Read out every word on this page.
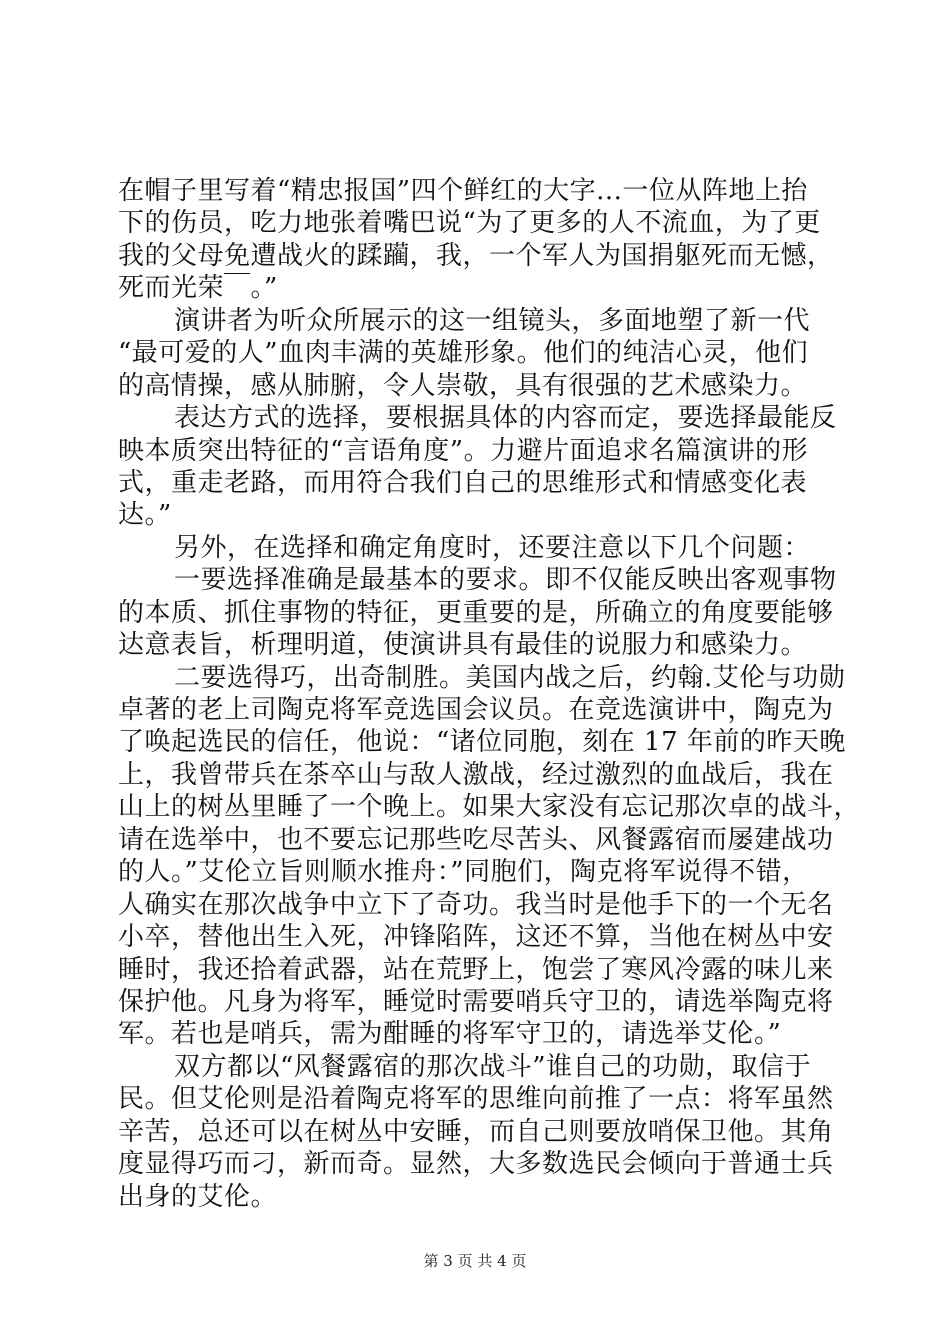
在帽子里写着“精忠报国”四个鲜红的大字...一位从阵地上抬

下的伤员，吃力地张着嘴巴说“为了更多的人不流血，为了更

我的父母免遭战火的蹂躏，我，一个军人为国捐躯死而无憾，

死而光荣￣。”

演讲者为听众所展示的这一组镜头，多面地塑了新一代

“最可爱的人”血肉丰满的英雄形象。他们的纯洁心灵，他们

的高情操，感从肺腑，令人崇敬，具有很强的艺术感染力。

表达方式的选择，要根据具体的内容而定，要选择最能反

映本质突出特征的“言语角度”。力避片面追求名篇演讲的形

式，重走老路，而用符合我们自己的思维形式和情感变化表

达。”

另外，在选择和确定角度时，还要注意以下几个问题：

一要选择准确是最基本的要求。即不仅能反映出客观事物

的本质、抓住事物的特征，更重要的是，所确立的角度要能够

达意表旨，析理明道，使演讲具有最佳的说服力和感染力。

二要选得巧，出奇制胜。美国内战之后，约翰.艾伦与功勋

卓著的老上司陶克将军竞选国会议员。在竞选演讲中，陶克为

了唤起选民的信任，他说：“诸位同胞，刻在 17 年前的昨天晚

上，我曾带兵在茶卒山与敌人激战，经过激烈的血战后，我在

山上的树丛里睡了一个晚上。如果大家没有忘记那次卓的战斗，

请在选举中，也不要忘记那些吃尽苦头、风餐露宿而屡建战功

的人。”艾伦立旨则顺水推舟：”同胞们，陶克将军说得不错，

人确实在那次战争中立下了奇功。我当时是他手下的一个无名

小卒，替他出生入死，冲锋陷阵，这还不算，当他在树丛中安

睡时，我还拾着武器，站在荒野上，饱尝了寒风冷露的味儿来

保护他。凡身为将军，睡觉时需要哨兵守卫的，请选举陶克将

军。若也是哨兵，需为酣睡的将军守卫的，请选举艾伦。”

双方都以“风餐露宿的那次战斗”谁自己的功勋，取信于

民。但艾伦则是沿着陶克将军的思维向前推了一点：将军虽然

辛苦，总还可以在树丛中安睡，而自己则要放哨保卫他。其角

度显得巧而刁，新而奇。显然，大多数选民会倾向于普通士兵

出身的艾伦。

第 3 页 共 4 页
